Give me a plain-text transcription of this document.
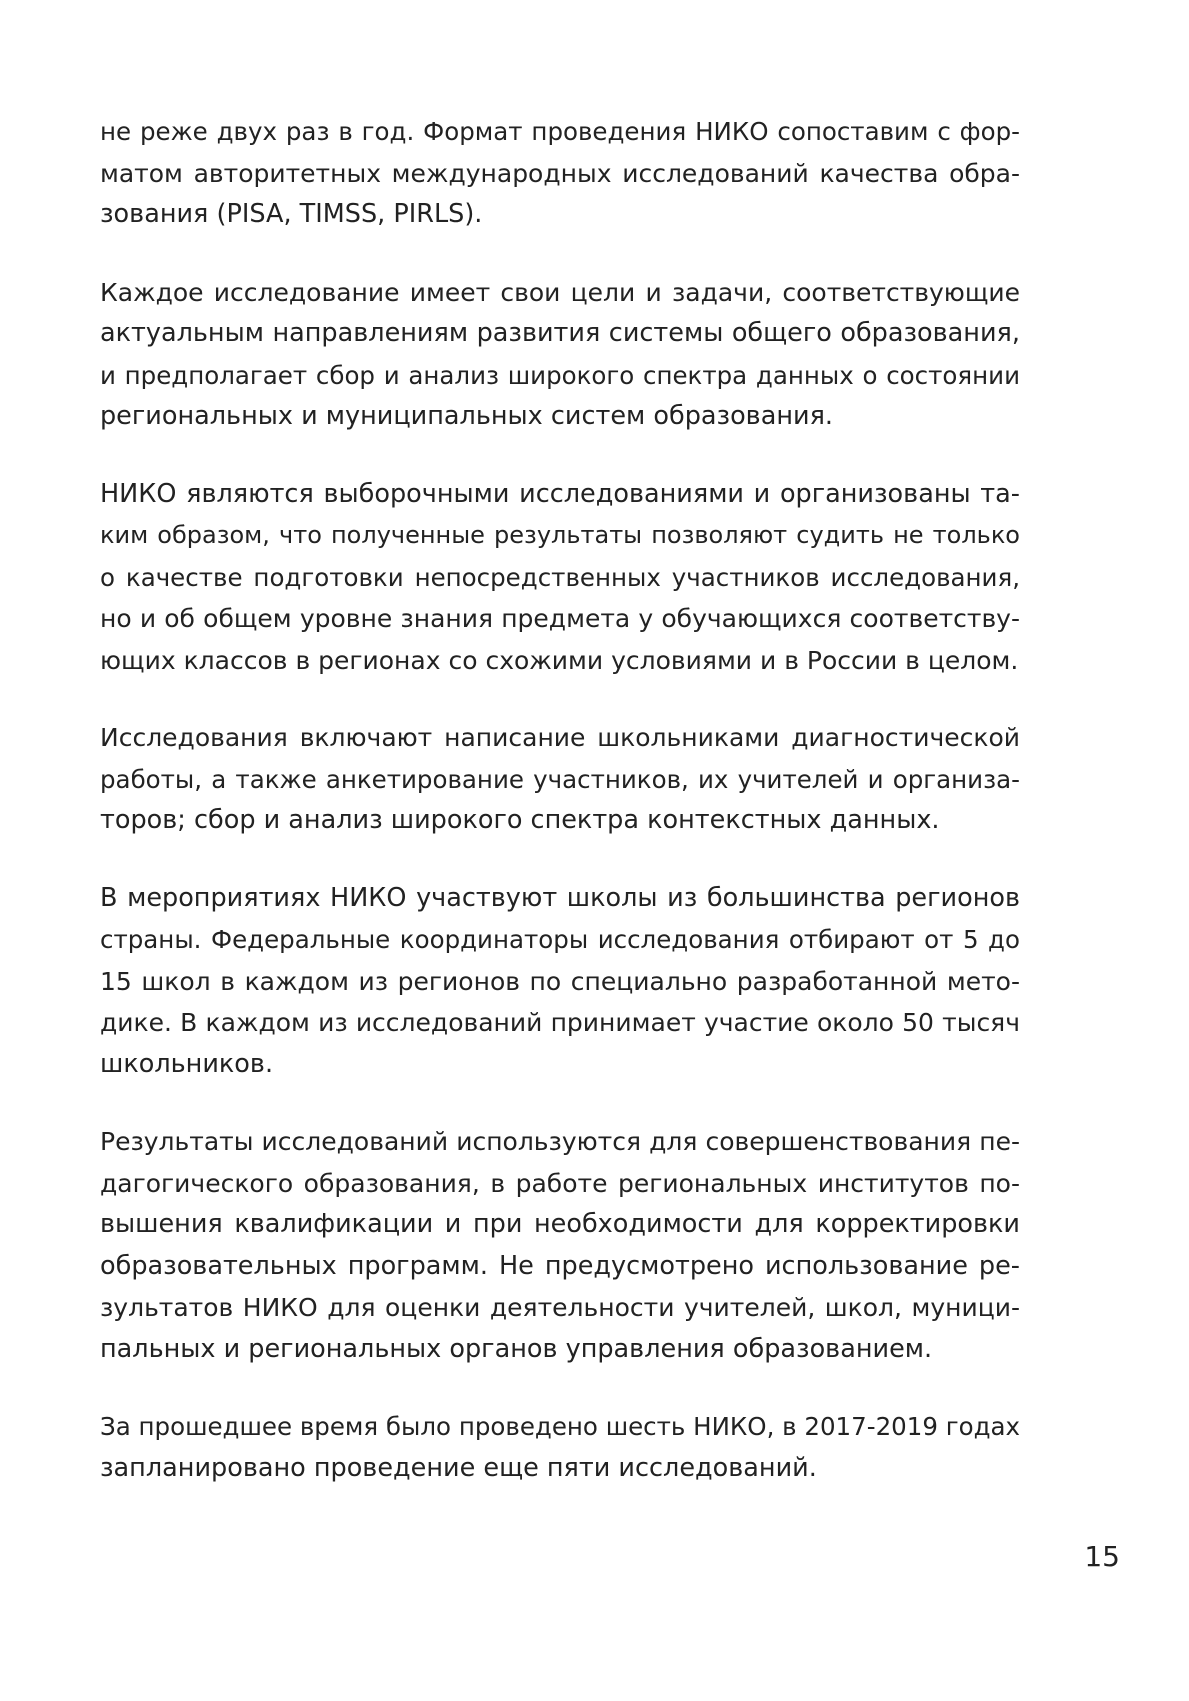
не реже двух раз в год. Формат проведения НИКО сопоставим с фор-
матом авторитетных международных исследований качества обра-
зования (PISA, TIMSS, PIRLS).
Каждое исследование имеет свои цели и задачи, соответствующие
актуальным направлениям развития системы общего образования,
и предполагает сбор и анализ широкого спектра данных о состоянии
региональных и муниципальных систем образования.
НИКО являются выборочными исследованиями и организованы та-
ким образом, что полученные результаты позволяют судить не только
о качестве подготовки непосредственных участников исследования,
но и об общем уровне знания предмета у обучающихся соответству-
ющих классов в регионах со схожими условиями и в России в целом.
Исследования включают написание школьниками диагностической
работы, а также анкетирование участников, их учителей и организа-
торов; сбор и анализ широкого спектра контекстных данных.
В мероприятиях НИКО участвуют школы из большинства регионов
страны. Федеральные координаторы исследования отбирают от 5 до
15 школ в каждом из регионов по специально разработанной мето-
дике. В каждом из исследований принимает участие около 50 тысяч
школьников.
Результаты исследований используются для совершенствования пе-
дагогического образования, в работе региональных институтов по-
вышения квалификации и при необходимости для корректировки
образовательных программ. Не предусмотрено использование ре-
зультатов НИКО для оценки деятельности учителей, школ, муници-
пальных и региональных органов управления образованием.
За прошедшее время было проведено шесть НИКО, в 2017-2019 годах
запланировано проведение еще пяти исследований.
15
